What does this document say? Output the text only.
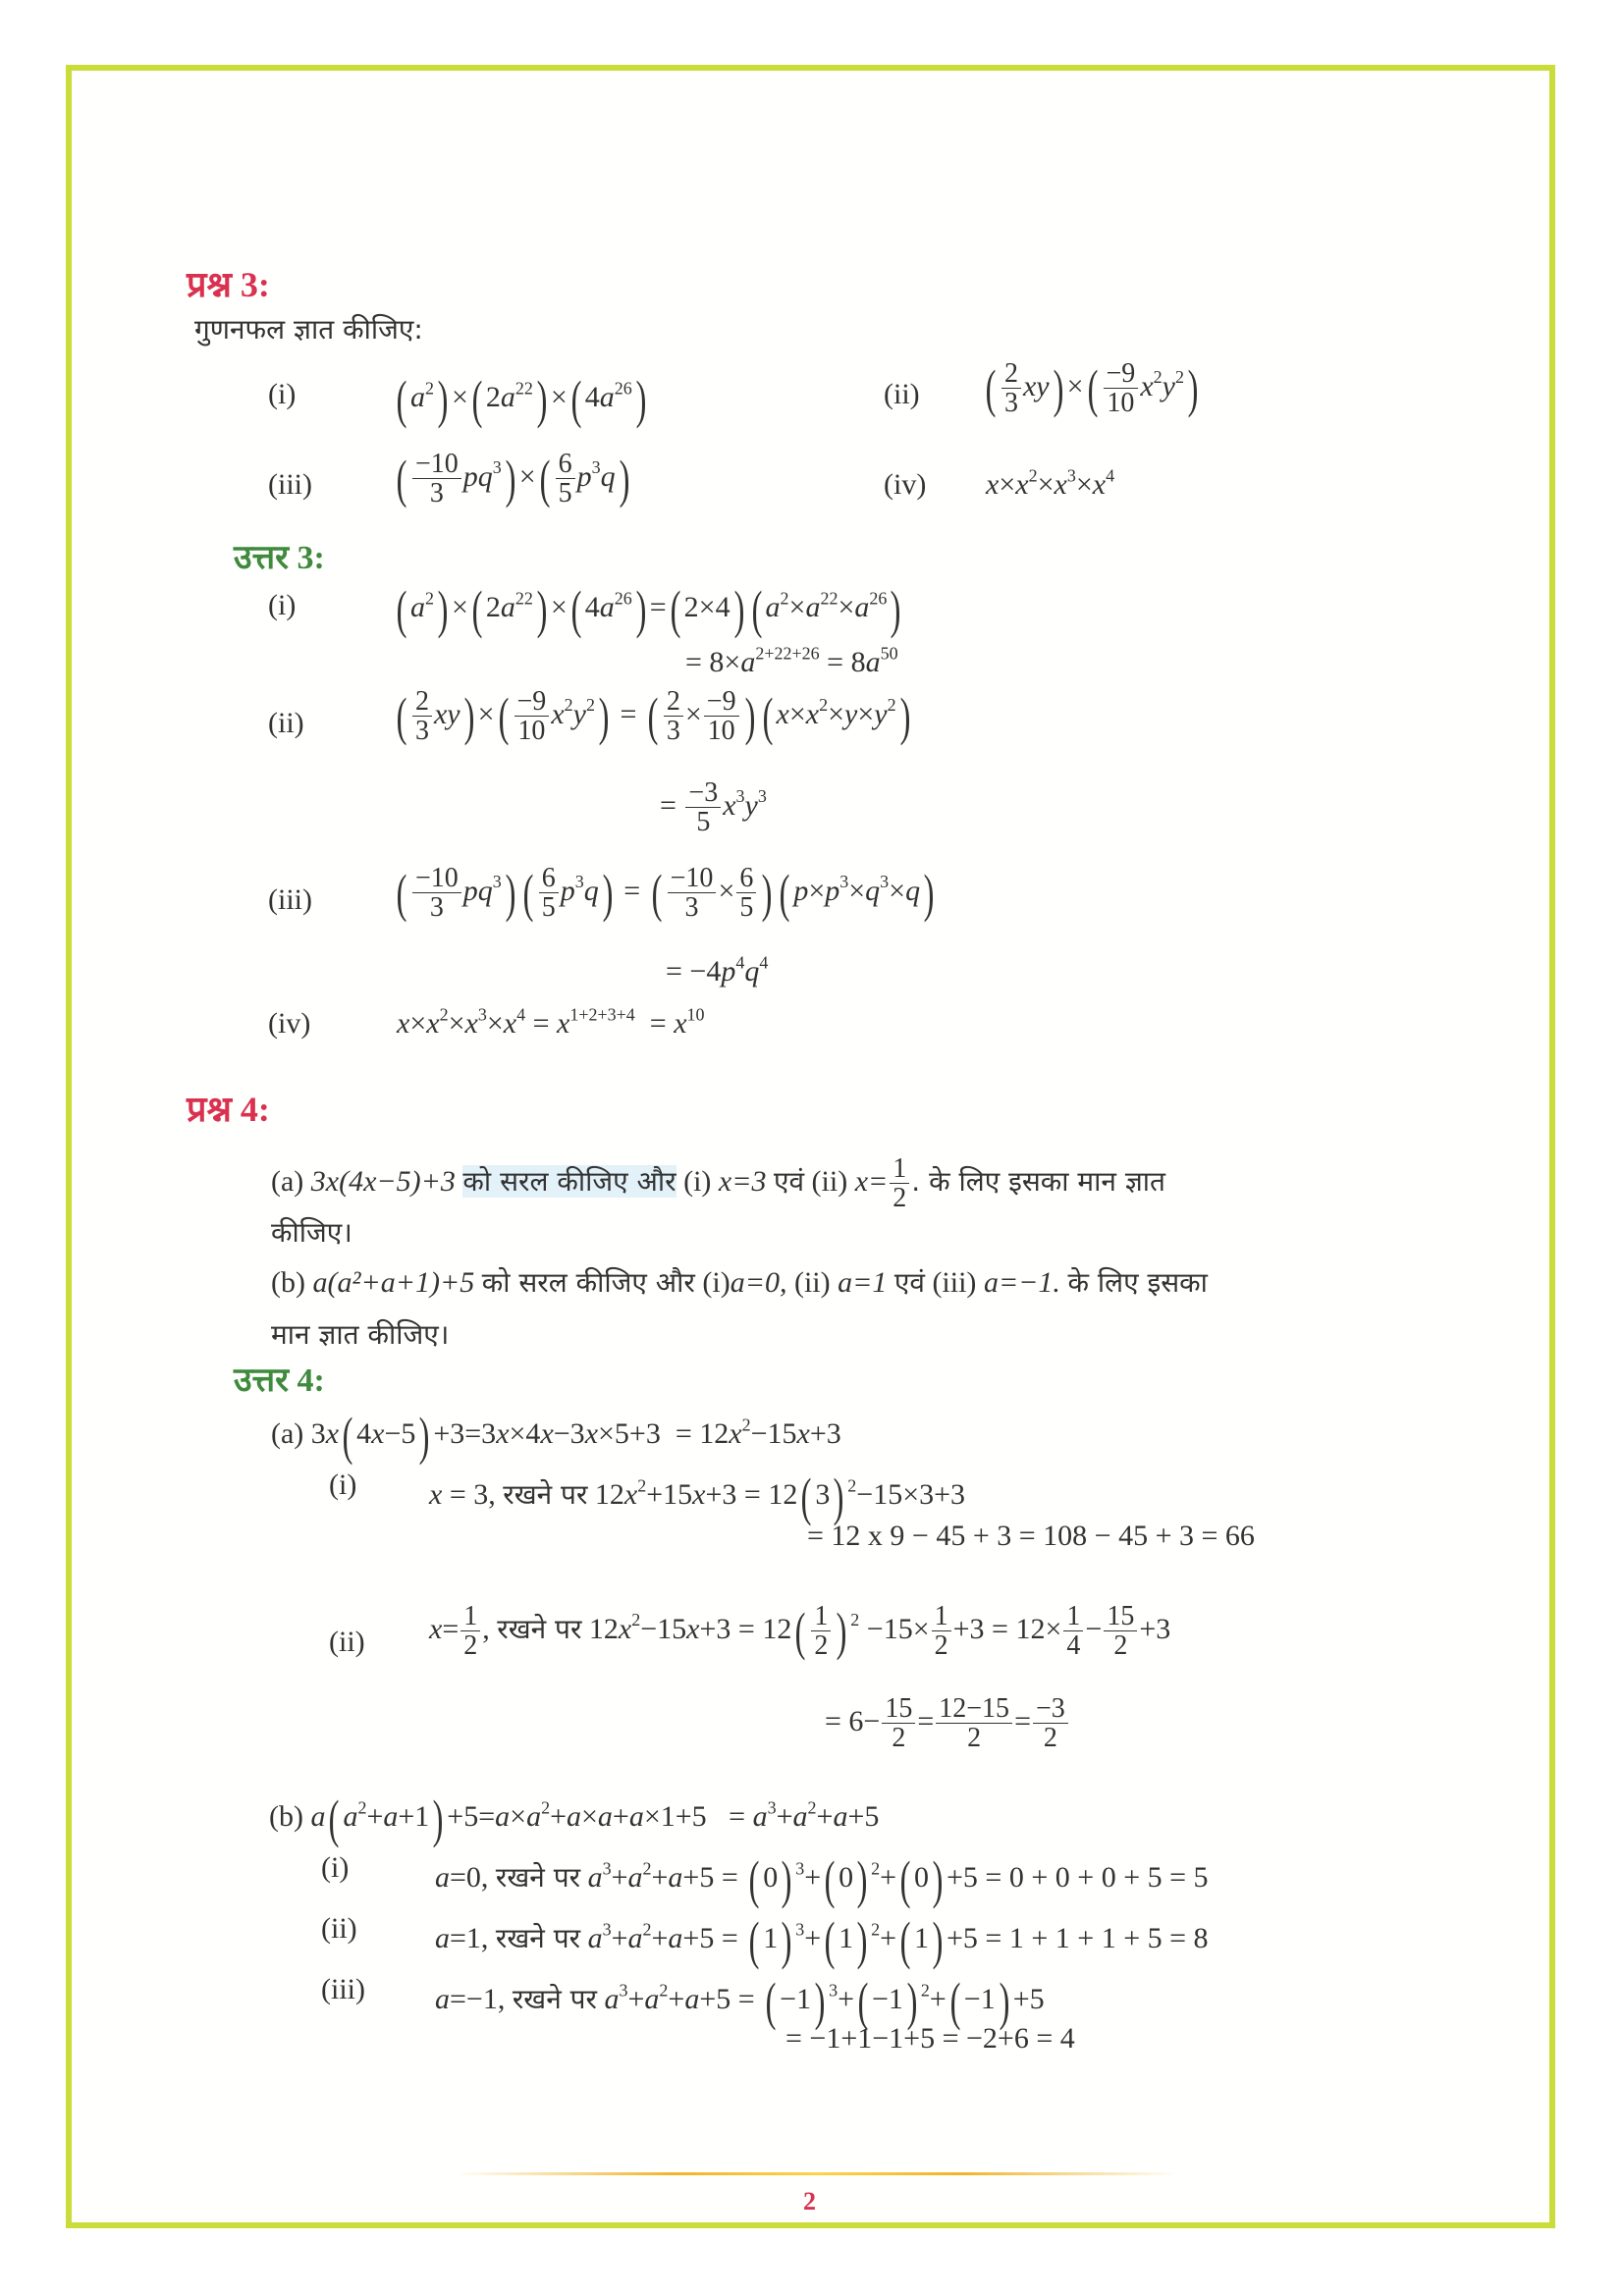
प्रश्न 3:
गुणनफल ज्ञात कीजिए:
(i) ( $a^2$) ×( $2a^{22}$) ×( $4a^{26}$)	(ii) ( $\frac{2}{3} xy$) ×( $\frac{-9}{10} x^2y^2$)
(iii) ( $\frac{-10}{3} pq^3$) ×( $\frac{6}{5} p^3q$)	(iv) $x\times x^2\times x^3\times x^4$
उत्तर 3:
(i) ( $a^2$) ×( $2a^{22}$) ×( $4a^{26}$) =( 2×4) ( $a^2\times a^{22}\times a^{26}$)
= $8\times a^{2+22+26} = 8a^{50}$
(ii) ( $\frac{2}{3} xy$) ×( $\frac{-9}{10} x^2y^2$) = ( $\frac{2}{3} \times \frac{-9}{10}$ ) ( $x\times x^2\times y\times y^2$)
= $\frac{-3}{5} x^3y^3$
(iii) ( $\frac{-10}{3} pq^3$) ( $\frac{6}{5} p^3q$) = ( $\frac{-10}{3} \times \frac{6}{5}$ ) ( $p\times p^3\times q^3\times q$)
= $-4p^4q^4$
(iv)	$x\times x^2\times x^3\times x^4 = x^{1+2+3+4} = x^{10}$
प्रश्न 4:
(a) 3x(4x−5)+3 को सरल कीजिए और (i) x=3 एवं (ii) $x= \frac{1}{2}$ . के लिए इसका मान ज्ञात
कीजिए।
(b) a(a²+a+1)+5 को सरल कीजिए और (i)a=0, (ii) a=1 एवं (iii) a=−1. के लिए इसका
मान ज्ञात कीजिए।
उत्तर 4:
(a) 3x( $4x-5) +3=3x\times 4x-3x\times 5+3 = 12x^2-15x+3$
(i) x = 3, रखने पर $12x^2+15x+3 = 12$( 3) $^2$−15×3+3
= 12 x 9 − 45 + 3 = 108 − 45 + 3 = 66
(ii) $x= \frac{1}{2}$ , रखने पर $12x^2-15x+3 = 12( \frac{1}{2}$ ) $^2 -15\times \frac{1}{2} +3 = 12\times \frac{1}{4} - \frac{15}{2} +3$
= $6- \frac{15}{2} = \frac{12-15}{2} = \frac{-3}{2}$
(b) a( $a^2+a+1) +5=a\times a^2+a\times a+a\times 1+5 = a^3+a^2+a+5$
(i)	a=0, रखने पर $a^3+a^2+a+5$ = ( 0) $^3$+( 0) $^2$+( 0) +5 = 0 + 0 + 0 + 5 = 5
(ii)	a=1, रखने पर $a^3+a^2+a+5$ = ( 1) $^3$+( 1) $^2$+( 1) +5 = 1 + 1 + 1 + 5 = 8
(iii) a=−1, रखने पर $a^3+a^2+a+5$ = ( −1) $^3$+( −1) $^2$+( −1) +5
= −1+1−1+5 = −2+6 = 4
2
